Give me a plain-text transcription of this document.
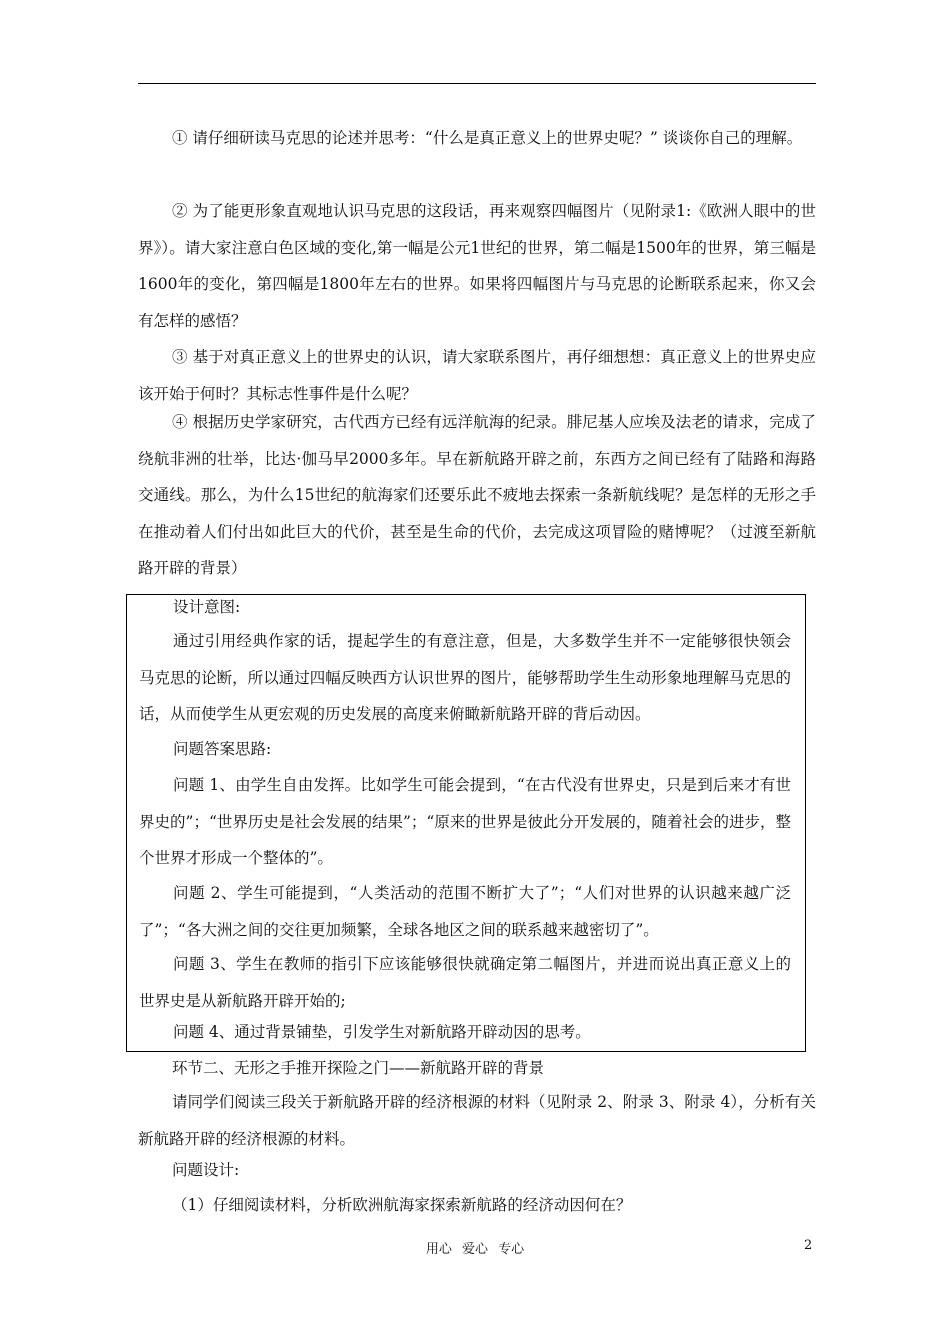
① 请仔细研读马克思的论述并思考：“什么是真正意义上的世界史呢？” 谈谈你自己的理解。

② 为了能更形象直观地认识马克思的这段话，再来观察四幅图片（见附录1:《欧洲人眼中的世界》）。请大家注意白色区域的变化,第一幅是公元1世纪的世界，第二幅是1500年的世界，第三幅是1600年的变化，第四幅是1800年左右的世界。如果将四幅图片与马克思的论断联系起来，你又会有怎样的感悟？

③ 基于对真正意义上的世界史的认识，请大家联系图片，再仔细想想：真正意义上的世界史应该开始于何时？其标志性事件是什么呢？

④ 根据历史学家研究，古代西方已经有远洋航海的纪录。腓尼基人应埃及法老的请求，完成了绕航非洲的壮举，比达·伽马早2000多年。早在新航路开辟之前，东西方之间已经有了陆路和海路交通线。那么，为什么15世纪的航海家们还要乐此不疲地去探索一条新航线呢？是怎样的无形之手在推动着人们付出如此巨大的代价，甚至是生命的代价，去完成这项冒险的赌博呢？（过渡至新航路开辟的背景）

设计意图:

通过引用经典作家的话，提起学生的有意注意，但是，大多数学生并不一定能够很快领会马克思的论断，所以通过四幅反映西方认识世界的图片，能够帮助学生生动形象地理解马克思的话，从而使学生从更宏观的历史发展的高度来俯瞰新航路开辟的背后动因。

问题答案思路:

问题 1、由学生自由发挥。比如学生可能会提到，“在古代没有世界史，只是到后来才有世界史的”；“世界历史是社会发展的结果”；“原来的世界是彼此分开发展的，随着社会的进步，整个世界才形成一个整体的”。

问题 2、学生可能提到，“人类活动的范围不断扩大了”；“人们对世界的认识越来越广泛了”；“各大洲之间的交往更加频繁，全球各地区之间的联系越来越密切了”。

问题 3、学生在教师的指引下应该能够很快就确定第二幅图片，并进而说出真正意义上的世界史是从新航路开辟开始的;

问题 4、通过背景铺垫，引发学生对新航路开辟动因的思考。

环节二、无形之手推开探险之门——新航路开辟的背景

请同学们阅读三段关于新航路开辟的经济根源的材料（见附录 2、附录 3、附录 4），分析有关新航路开辟的经济根源的材料。

问题设计:

（1）仔细阅读材料，分析欧洲航海家探索新航路的经济动因何在？

用心 爱心 专心	2
